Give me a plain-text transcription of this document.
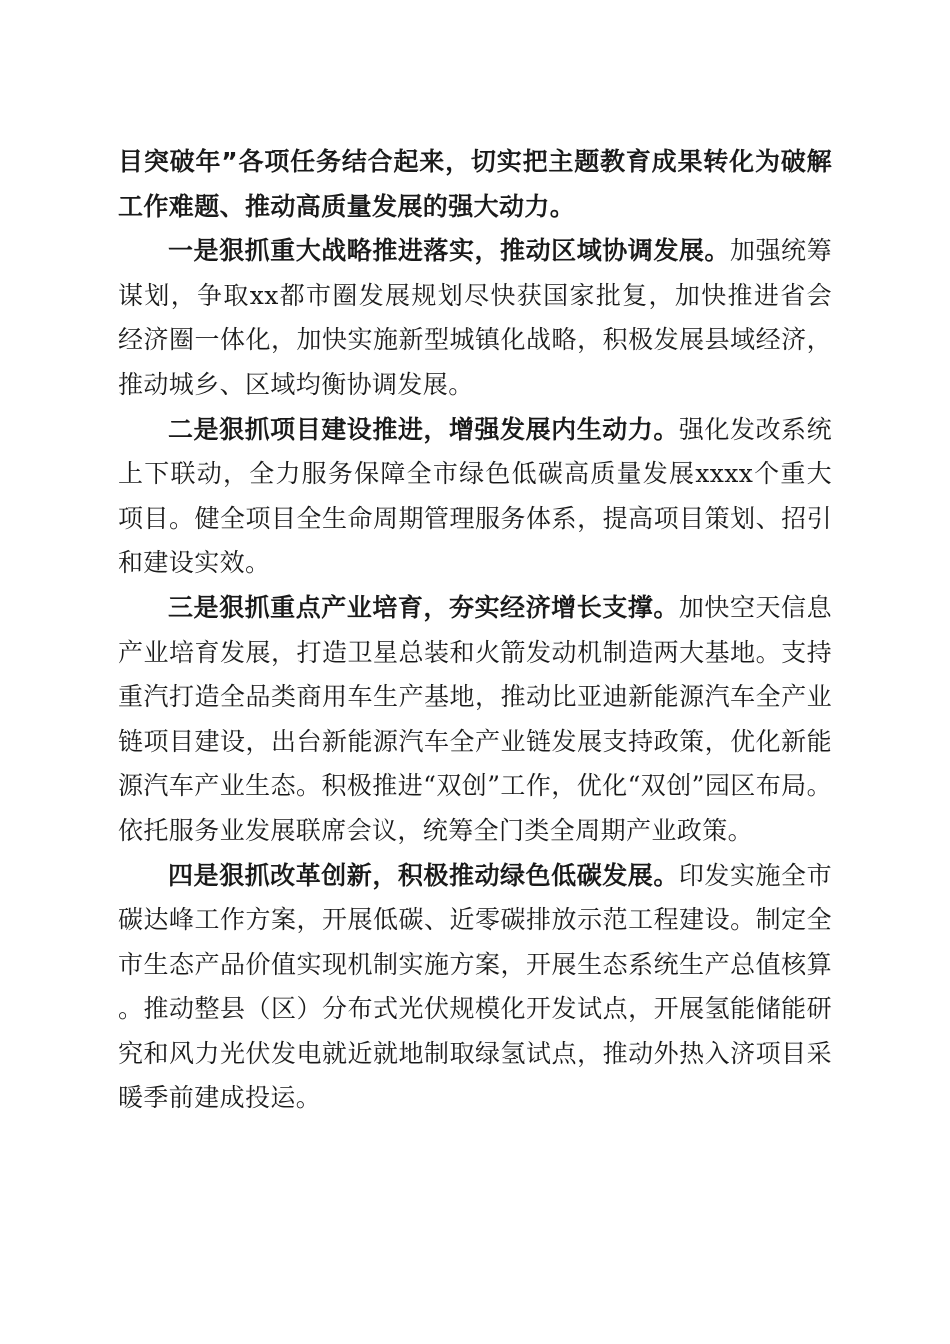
目突破年”各项任务结合起来，切实把主题教育成果转化为破解工作难题、推动高质量发展的强大动力。

一是狠抓重大战略推进落实，推动区域协调发展。加强统筹谋划，争取xx都市圈发展规划尽快获国家批复，加快推进省会经济圈一体化，加快实施新型城镇化战略，积极发展县域经济，推动城乡、区域均衡协调发展。

二是狠抓项目建设推进，增强发展内生动力。强化发改系统上下联动，全力服务保障全市绿色低碳高质量发展xxxx个重大项目。健全项目全生命周期管理服务体系，提高项目策划、招引和建设实效。

三是狠抓重点产业培育，夯实经济增长支撑。加快空天信息产业培育发展，打造卫星总装和火箭发动机制造两大基地。支持重汽打造全品类商用车生产基地，推动比亚迪新能源汽车全产业链项目建设，出台新能源汽车全产业链发展支持政策，优化新能源汽车产业生态。积极推进“双创”工作，优化“双创”园区布局。依托服务业发展联席会议，统筹全门类全周期产业政策。

四是狠抓改革创新，积极推动绿色低碳发展。印发实施全市碳达峰工作方案，开展低碳、近零碳排放示范工程建设。制定全市生态产品价值实现机制实施方案，开展生态系统生产总值核算。推动整县（区）分布式光伏规模化开发试点，开展氢能储能研究和风力光伏发电就近就地制取绿氢试点，推动外热入济项目采暖季前建成投运。
